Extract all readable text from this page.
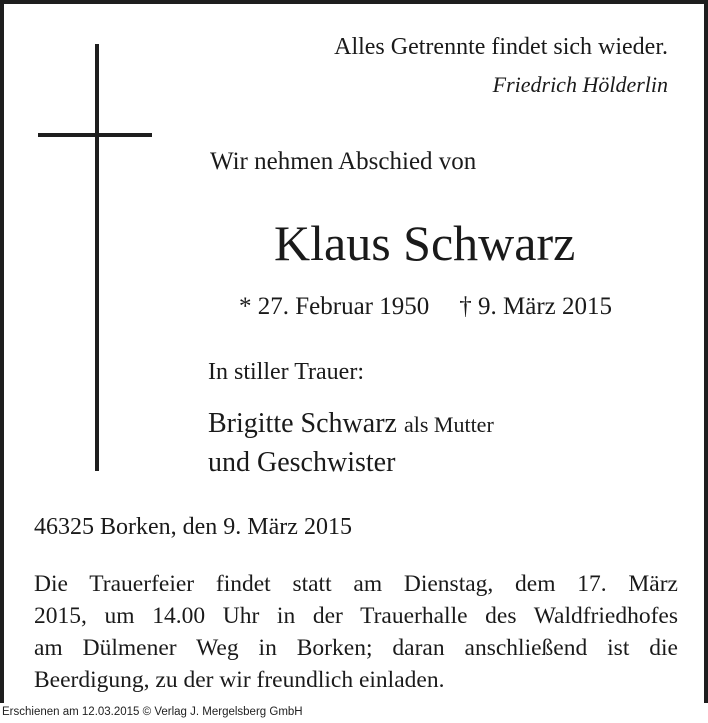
Alles Getrennte findet sich wieder.
Friedrich Hölderlin
Wir nehmen Abschied von
Klaus Schwarz
* 27. Februar 1950 † 9. März 2015
In stiller Trauer:
Brigitte Schwarz als Mutter
und Geschwister
46325 Borken, den 9. März 2015
Die Trauerfeier findet statt am Dienstag, dem 17. März
2015, um 14.00 Uhr in der Trauerhalle des Waldfriedhofes
am Dülmener Weg in Borken; daran anschließend ist die
Beerdigung, zu der wir freundlich einladen.
Erschienen am 12.03.2015 © Verlag J. Mergelsberg GmbH
